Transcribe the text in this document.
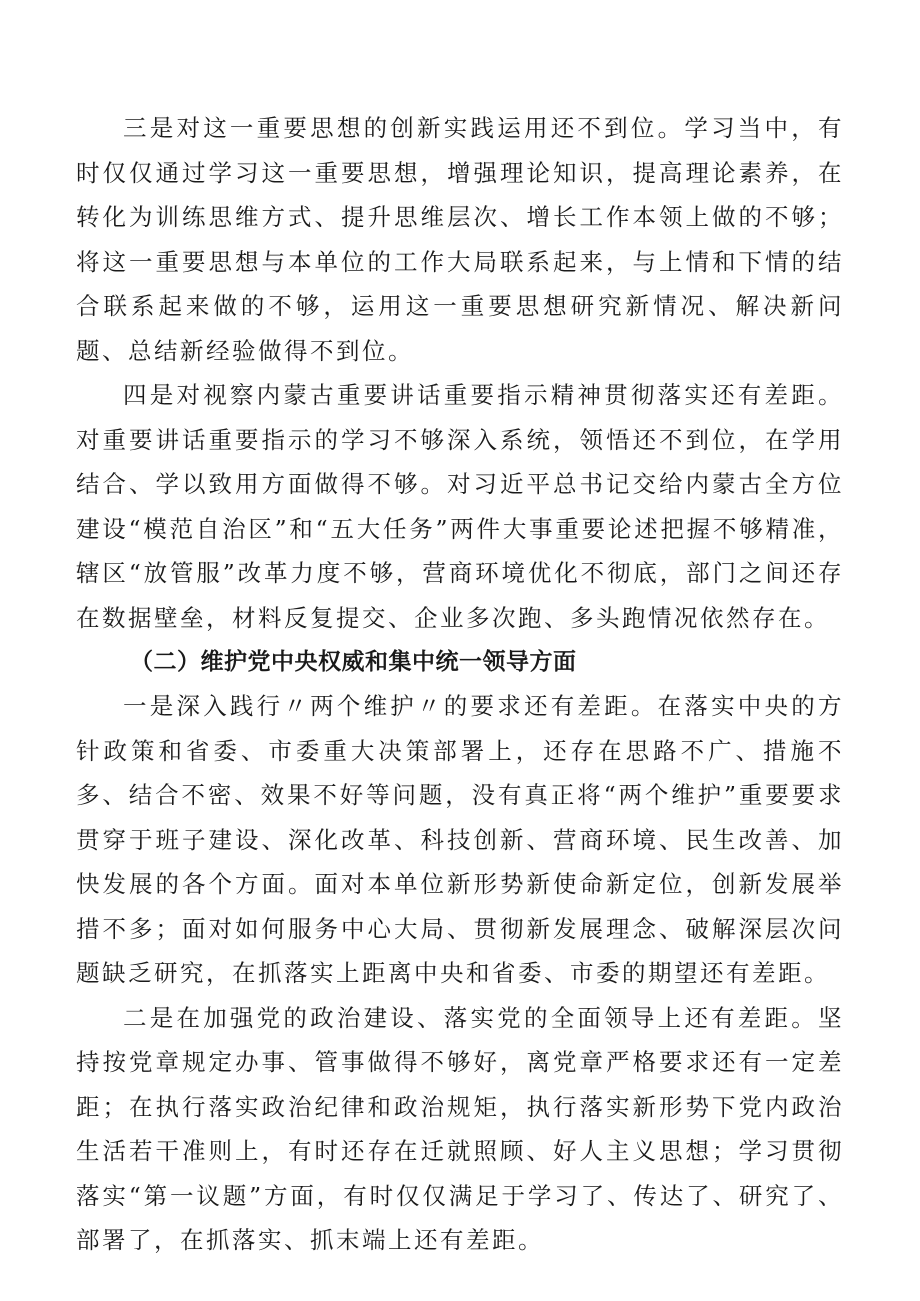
三是对这一重要思想的创新实践运用还不到位。学习当中，有时仅仅通过学习这一重要思想，增强理论知识，提高理论素养，在转化为训练思维方式、提升思维层次、增长工作本领上做的不够；将这一重要思想与本单位的工作大局联系起来，与上情和下情的结合联系起来做的不够，运用这一重要思想研究新情况、解决新问题、总结新经验做得不到位。

四是对视察内蒙古重要讲话重要指示精神贯彻落实还有差距。对重要讲话重要指示的学习不够深入系统，领悟还不到位，在学用结合、学以致用方面做得不够。对习近平总书记交给内蒙古全方位建设“模范自治区”和“五大任务”两件大事重要论述把握不够精准，辖区“放管服”改革力度不够，营商环境优化不彻底，部门之间还存在数据壁垒，材料反复提交、企业多次跑、多头跑情况依然存在。

（二）维护党中央权威和集中统一领导方面

一是深入践行〃两个维护〃的要求还有差距。在落实中央的方针政策和省委、市委重大决策部署上，还存在思路不广、措施不多、结合不密、效果不好等问题，没有真正将“两个维护”重要要求贯穿于班子建设、深化改革、科技创新、营商环境、民生改善、加快发展的各个方面。面对本单位新形势新使命新定位，创新发展举措不多；面对如何服务中心大局、贯彻新发展理念、破解深层次问题缺乏研究，在抓落实上距离中央和省委、市委的期望还有差距。

二是在加强党的政治建设、落实党的全面领导上还有差距。坚持按党章规定办事、管事做得不够好，离党章严格要求还有一定差距；在执行落实政治纪律和政治规矩，执行落实新形势下党内政治生活若干准则上，有时还存在迁就照顾、好人主义思想；学习贯彻落实“第一议题”方面，有时仅仅满足于学习了、传达了、研究了、部署了，在抓落实、抓末端上还有差距。
